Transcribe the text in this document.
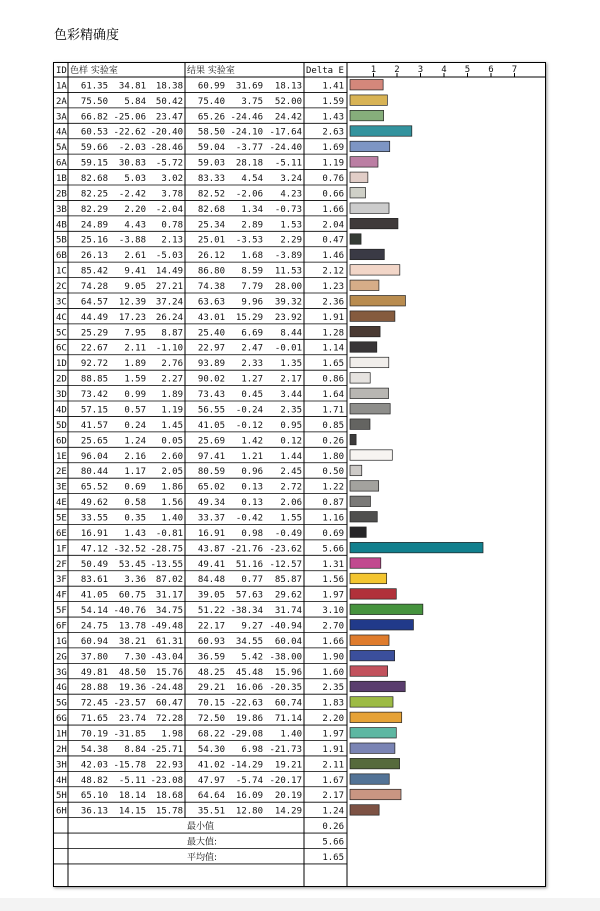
色彩精确度
ID 色样 实验室	结果 实验室	Delta E	1 2 3 4 5 6 7
1A 61.35 34.81 18.38 60.99 31.69 18.13 1.41
2A 75.50 5.84 50.42 75.40 3.75 52.00 1.59
3A 66.82 -25.06 23.47 65.26 -24.46 24.42 1.43
4A 60.53 -22.62 -20.40 58.50 -24.10 -17.64 2.63
5A 59.66 -2.03 -28.46 59.04 -3.77 -24.40 1.69
6A 59.15 30.83 -5.72 59.03 28.18 -5.11 1.19
1B 82.68 5.03 3.02 83.33 4.54 3.24 0.76
2B 82.25 -2.42 3.78 82.52 -2.06 4.23 0.66
3B 82.29 2.20 -2.04 82.68 1.34 -0.73 1.66
4B 24.89 4.43 0.78 25.34 2.89 1.53 2.04
5B 25.16 -3.88 2.13 25.01 -3.53 2.29 0.47
6B 26.13 2.61 -5.03 26.12 1.68 -3.89 1.46
1C 85.42 9.41 14.49 86.80 8.59 11.53 2.12
2C 74.28 9.05 27.21 74.38 7.79 28.00 1.23
3C 64.57 12.39 37.24 63.63 9.96 39.32 2.36
4C 44.49 17.23 26.24 43.01 15.29 23.92 1.91
5C 25.29 7.95 8.87 25.40 6.69 8.44 1.28
6C 22.67 2.11 -1.10 22.97 2.47 -0.01 1.14
1D 92.72 1.89 2.76 93.89 2.33 1.35 1.65
2D 88.85 1.59 2.27 90.02 1.27 2.17 0.86
3D 73.42 0.99 1.89 73.43 0.45 3.44 1.64
4D 57.15 0.57 1.19 56.55 -0.24 2.35 1.71
5D 41.57 0.24 1.45 41.05 -0.12 0.95 0.85
6D 25.65 1.24 0.05 25.69 1.42 0.12 0.26
1E 96.04 2.16 2.60 97.41 1.21 1.44 1.80
2E 80.44 1.17 2.05 80.59 0.96 2.45 0.50
3E 65.52 0.69 1.86 65.02 0.13 2.72 1.22
4E 49.62 0.58 1.56 49.34 0.13 2.06 0.87
5E 33.55 0.35 1.40 33.37 -0.42 1.55 1.16
6E 16.91 1.43 -0.81 16.91 0.98 -0.49 0.69
1F 47.12 -32.52 -28.75 43.87 -21.76 -23.62 5.66
2F 50.49 53.45 -13.55 49.41 51.16 -12.57 1.31
3F 83.61 3.36 87.02 84.48 0.77 85.87 1.56
4F 41.05 60.75 31.17 39.05 57.63 29.62 1.97
5F 54.14 -40.76 34.75 51.22 -38.34 31.74 3.10
6F 24.75 13.78 -49.48 22.17 9.27 -40.94 2.70
1G 60.94 38.21 61.31 60.93 34.55 60.04 1.66
2G 37.80 7.30 -43.04 36.59 5.42 -38.00 1.90
3G 49.81 48.50 15.76 48.25 45.48 15.96 1.60
4G 28.88 19.36 -24.48 29.21 16.06 -20.35 2.35
5G 72.45 -23.57 60.47 70.15 -22.63 60.74 1.83
6G 71.65 23.74 72.28 72.50 19.86 71.14 2.20
1H 70.19 -31.85 1.98 68.22 -29.08 1.40 1.97
2H 54.38 8.84 -25.71 54.30 6.98 -21.73 1.91
3H 42.03 -15.78 22.93 41.02 -14.29 19.21 2.11
4H 48.82 -5.11 -23.08 47.97 -5.74 -20.17 1.67
5H 65.10 18.14 18.68 64.64 16.09 20.19 2.17
6H 36.13 14.15 15.78 35.51 12.80 14.29 1.24
最小值	0.26
最大值:	5.66
平均值:	1.65
